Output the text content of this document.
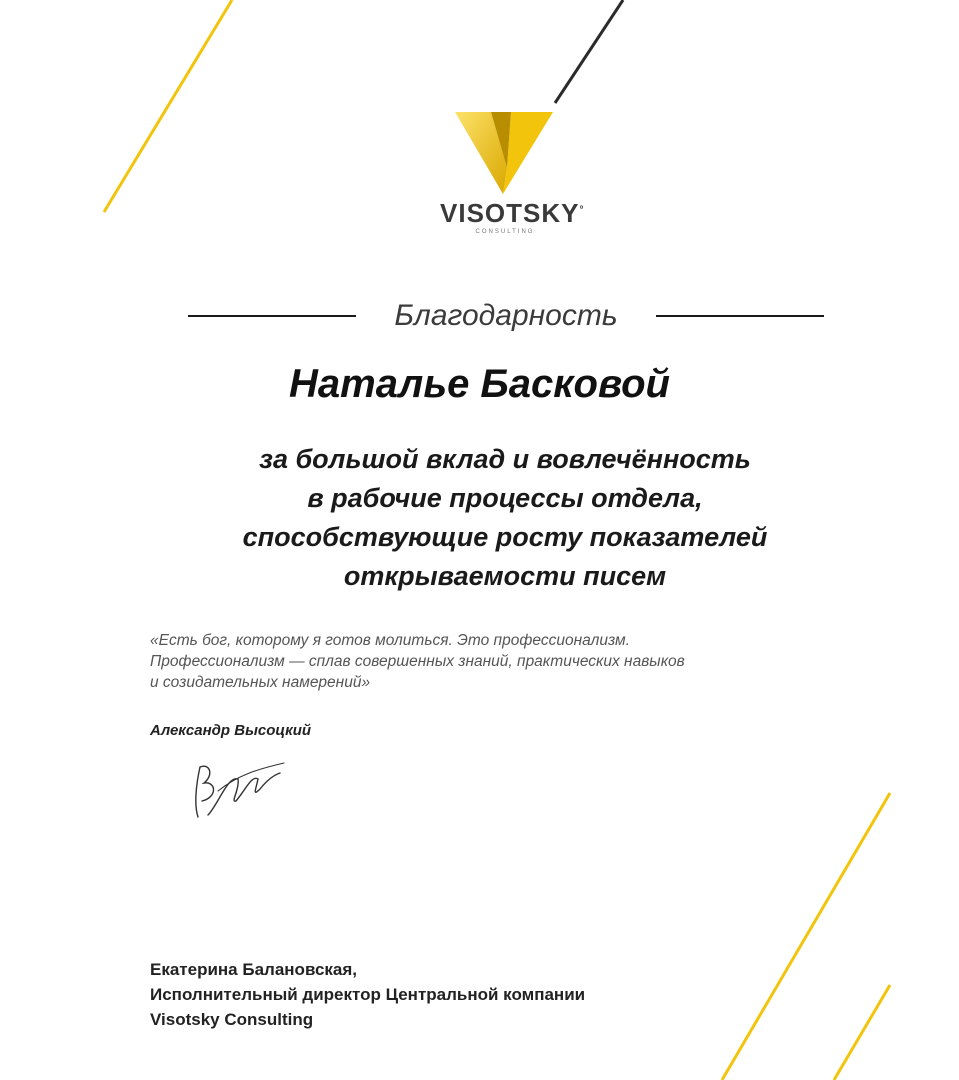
VISOTSKY°
CONSULTING
Благодарность
Наталье Басковой
за большой вклад и вовлечённость
в рабочие процессы отдела,
способствующие росту показателей
открываемости писем
«Есть бог, которому я готов молиться. Это профессионализм.
Профессионализм — сплав совершенных знаний, практических навыков
и созидательных намерений»
Александр Высоцкий
Екатерина Балановская,
Исполнительный директор Центральной компании
Visotsky Consulting
